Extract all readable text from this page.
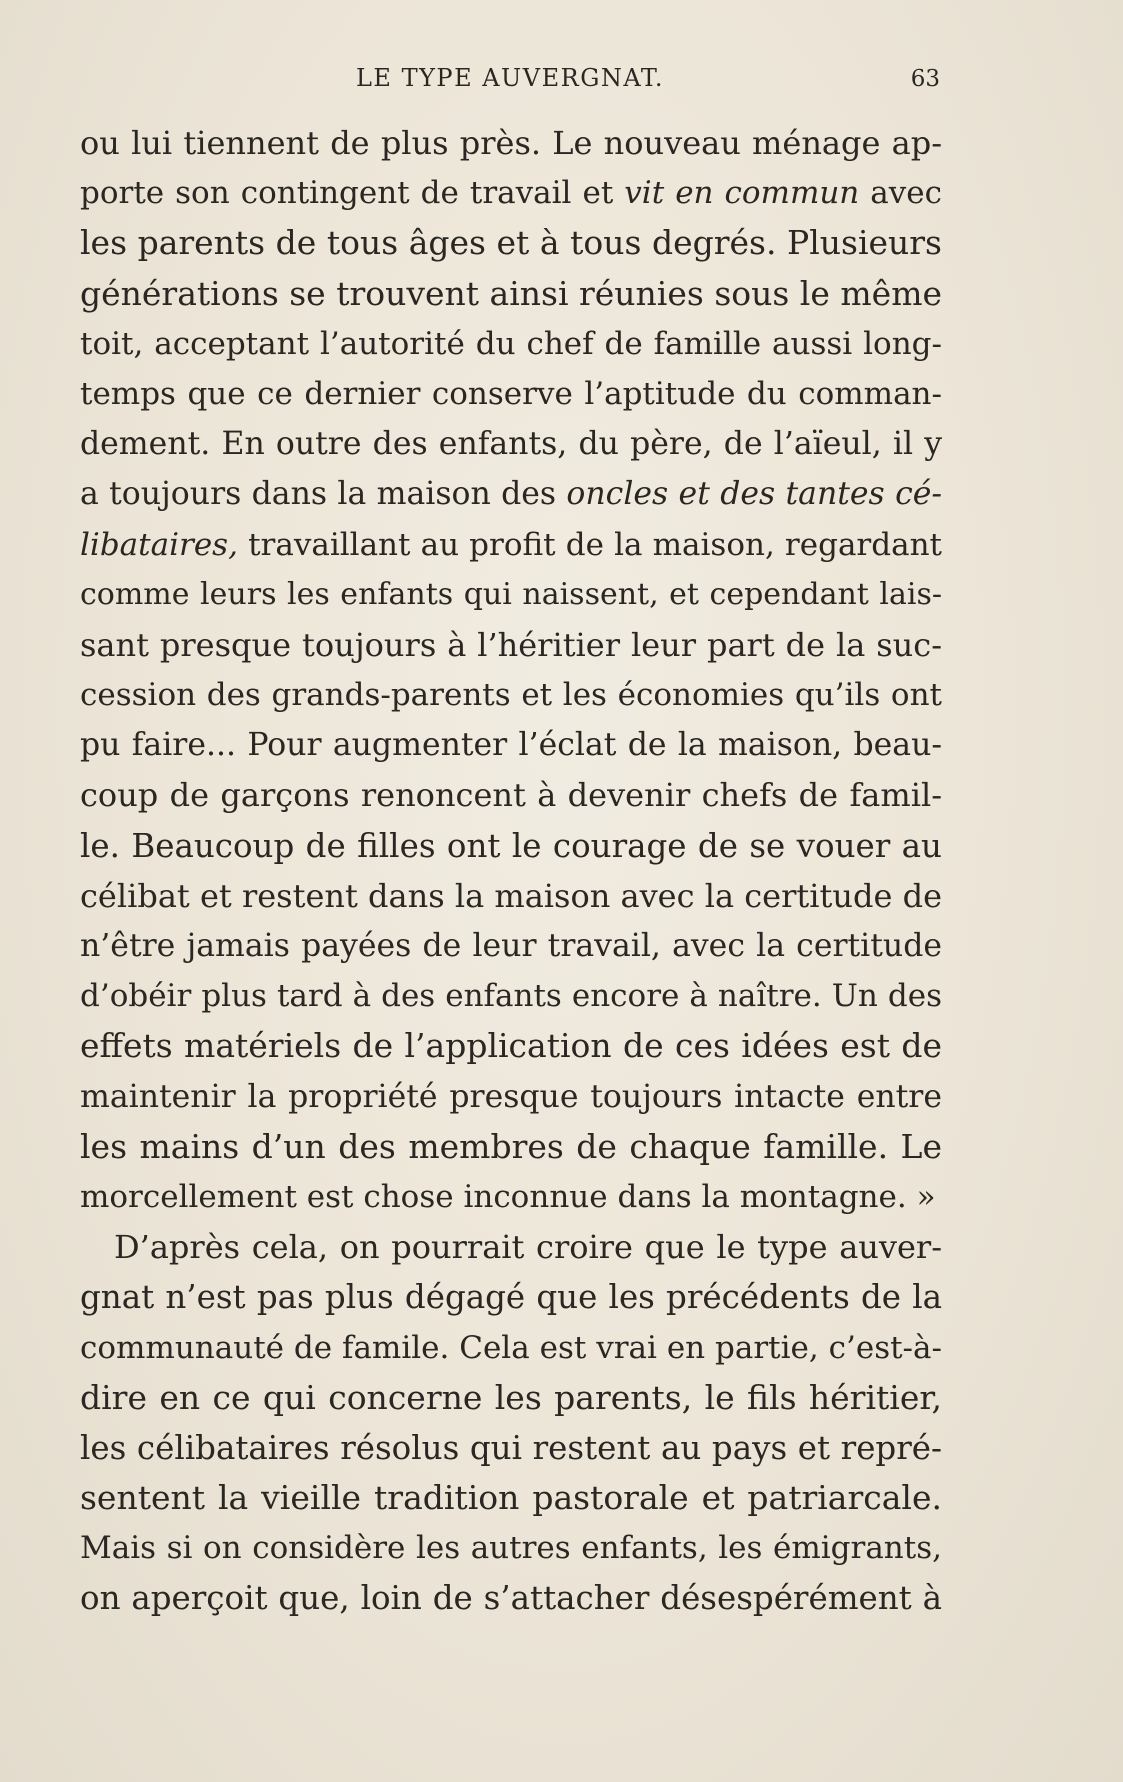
LE TYPE AUVERGNAT.	63
ou lui tiennent de plus près. Le nouveau ménage ap-
porte son contingent de travail et vit en commun avec
les parents de tous âges et à tous degrés. Plusieurs
générations se trouvent ainsi réunies sous le même
toit, acceptant l’autorité du chef de famille aussi long-
temps que ce dernier conserve l’aptitude du comman-
dement. En outre des enfants, du père, de l’aïeul, il y
a toujours dans la maison des oncles et des tantes cé-
libataires, travaillant au profit de la maison, regardant
comme leurs les enfants qui naissent, et cependant lais-
sant presque toujours à l’héritier leur part de la suc-
cession des grands-parents et les économies qu’ils ont
pu faire... Pour augmenter l’éclat de la maison, beau-
coup de garçons renoncent à devenir chefs de famil-
le. Beaucoup de filles ont le courage de se vouer au
célibat et restent dans la maison avec la certitude de
n’être jamais payées de leur travail, avec la certitude
d’obéir plus tard à des enfants encore à naître. Un des
effets matériels de l’application de ces idées est de
maintenir la propriété presque toujours intacte entre
les mains d’un des membres de chaque famille. Le
morcellement est chose inconnue dans la montagne. »
D’après cela, on pourrait croire que le type auver-
gnat n’est pas plus dégagé que les précédents de la
communauté de famile. Cela est vrai en partie, c’est-à-
dire en ce qui concerne les parents, le fils héritier,
les célibataires résolus qui restent au pays et repré-
sentent la vieille tradition pastorale et patriarcale.
Mais si on considère les autres enfants, les émigrants,
on aperçoit que, loin de s’attacher désespérément à
